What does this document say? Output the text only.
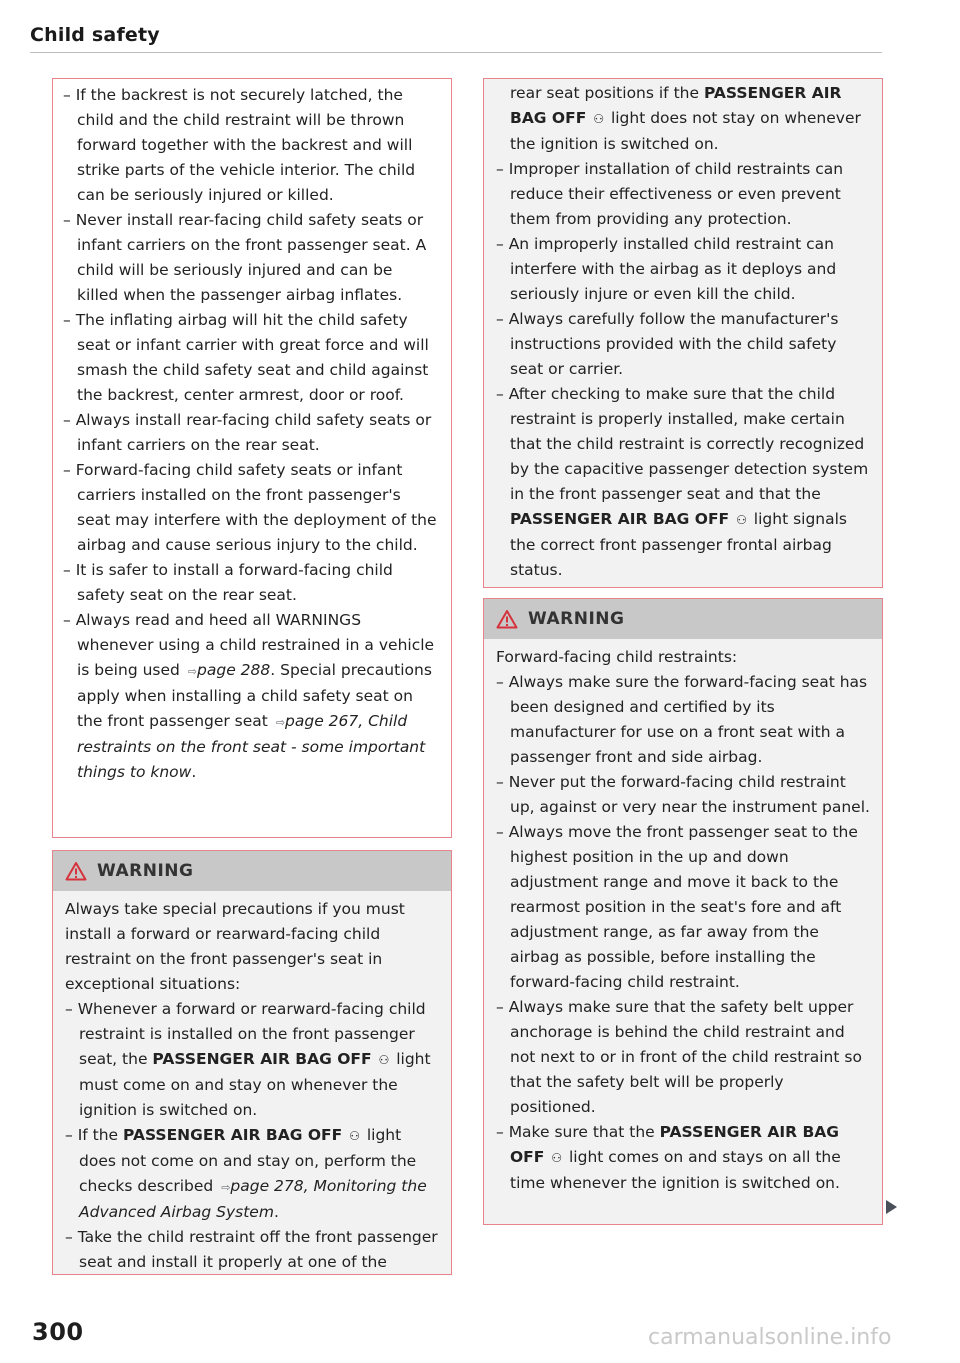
Child safety

– If the backrest is not securely latched, the child and the child restraint will be thrown forward together with the backrest and will strike parts of the vehicle interior. The child can be seriously injured or killed.

– Never install rear-facing child safety seats or infant carriers on the front passenger seat. A child will be seriously injured and can be killed when the passenger airbag inflates.

– The inflating airbag will hit the child safety seat or infant carrier with great force and will smash the child safety seat and child against the backrest, center armrest, door or roof.

– Always install rear-facing child safety seats or infant carriers on the rear seat.

– Forward-facing child safety seats or infant carriers installed on the front passenger's seat may interfere with the deployment of the airbag and cause serious injury to the child.

– It is safer to install a forward-facing child safety seat on the rear seat.

– Always read and heed all WARNINGS whenever using a child restrained in a vehicle is being used ⇨page 288. Special precautions apply when installing a child safety seat on the front passenger seat ⇨page 267, Child restraints on the front seat - some important things to know.

WARNING

Always take special precautions if you must install a forward or rearward-facing child restraint on the front passenger's seat in exceptional situations:

– Whenever a forward or rearward-facing child restraint is installed on the front passenger seat, the PASSENGER AIR BAG OFF ⚇ light must come on and stay on whenever the ignition is switched on.

– If the PASSENGER AIR BAG OFF ⚇ light does not come on and stay on, perform the checks described ⇨page 278, Monitoring the Advanced Airbag System.

– Take the child restraint off the front passenger seat and install it properly at one of the

rear seat positions if the PASSENGER AIR BAG OFF ⚇ light does not stay on whenever the ignition is switched on.

– Improper installation of child restraints can reduce their effectiveness or even prevent them from providing any protection.

– An improperly installed child restraint can interfere with the airbag as it deploys and seriously injure or even kill the child.

– Always carefully follow the manufacturer's instructions provided with the child safety seat or carrier.

– After checking to make sure that the child restraint is properly installed, make certain that the child restraint is correctly recognized by the capacitive passenger detection system in the front passenger seat and that the PASSENGER AIR BAG OFF ⚇ light signals the correct front passenger frontal airbag status.

WARNING

Forward-facing child restraints:

– Always make sure the forward-facing seat has been designed and certified by its manufacturer for use on a front seat with a passenger front and side airbag.

– Never put the forward-facing child restraint up, against or very near the instrument panel.

– Always move the front passenger seat to the highest position in the up and down adjustment range and move it back to the rearmost position in the seat's fore and aft adjustment range, as far away from the airbag as possible, before installing the forward-facing child restraint.

– Always make sure that the safety belt upper anchorage is behind the child restraint and not next to or in front of the child restraint so that the safety belt will be properly positioned.

– Make sure that the PASSENGER AIR BAG OFF ⚇ light comes on and stays on all the time whenever the ignition is switched on.

300	carmanualsonline.info
